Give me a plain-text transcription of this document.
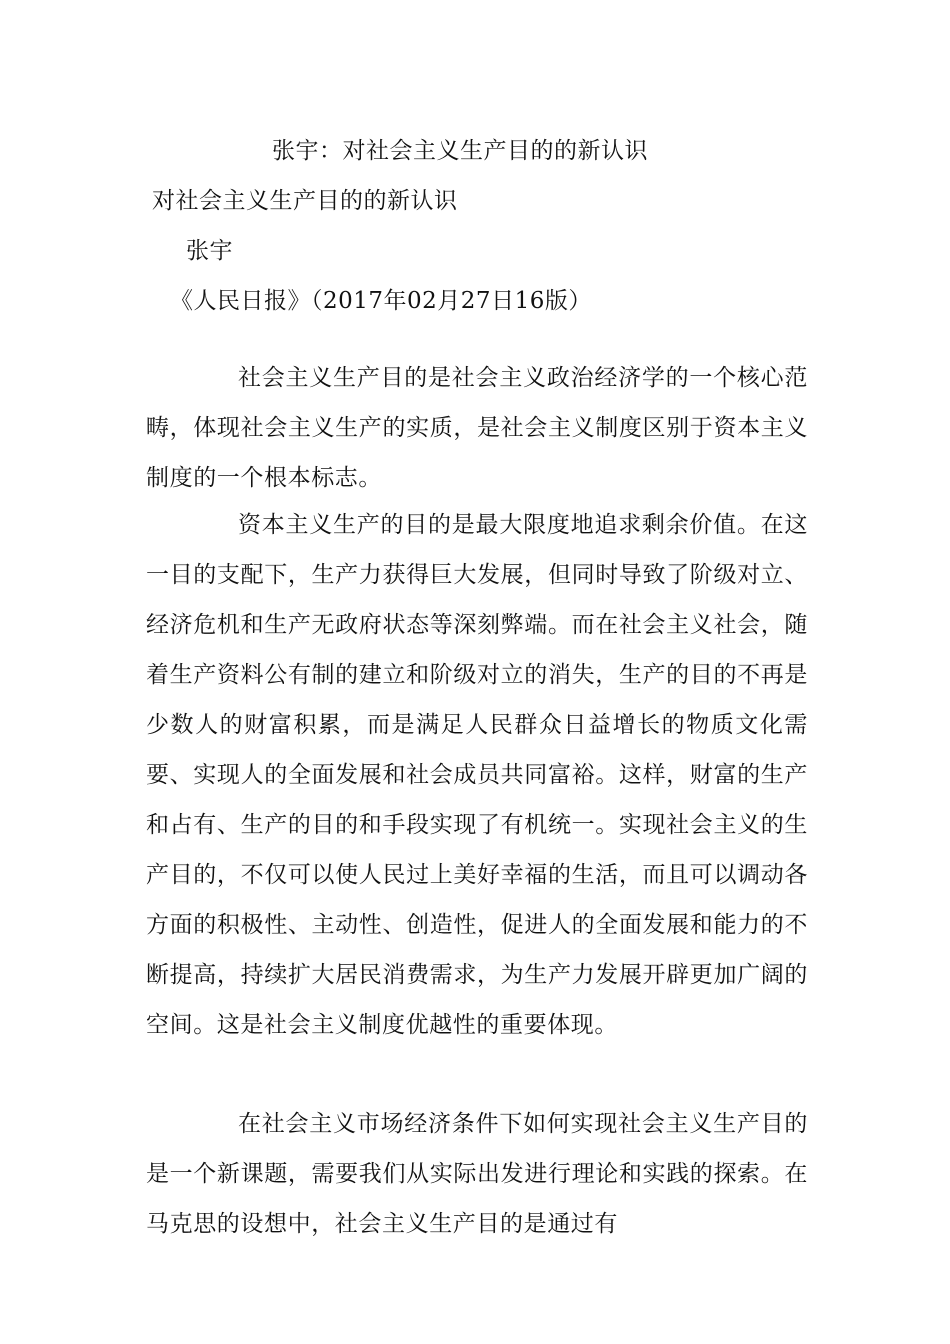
张宇：对社会主义生产目的的新认识
对社会主义生产目的的新认识
张宇
《人民日报》（2017年02月27日16版）

社会主义生产目的是社会主义政治经济学的一个核心范畴，体现社会主义生产的实质，是社会主义制度区别于资本主义制度的一个根本标志。

资本主义生产的目的是最大限度地追求剩余价值。在这一目的支配下，生产力获得巨大发展，但同时导致了阶级对立、经济危机和生产无政府状态等深刻弊端。而在社会主义社会，随着生产资料公有制的建立和阶级对立的消失，生产的目的不再是少数人的财富积累，而是满足人民群众日益增长的物质文化需要、实现人的全面发展和社会成员共同富裕。这样，财富的生产和占有、生产的目的和手段实现了有机统一。实现社会主义的生产目的，不仅可以使人民过上美好幸福的生活，而且可以调动各方面的积极性、主动性、创造性，促进人的全面发展和能力的不断提高，持续扩大居民消费需求，为生产力发展开辟更加广阔的空间。这是社会主义制度优越性的重要体现。

在社会主义市场经济条件下如何实现社会主义生产目的是一个新课题，需要我们从实际出发进行理论和实践的探索。在马克思的设想中，社会主义生产目的是通过有
